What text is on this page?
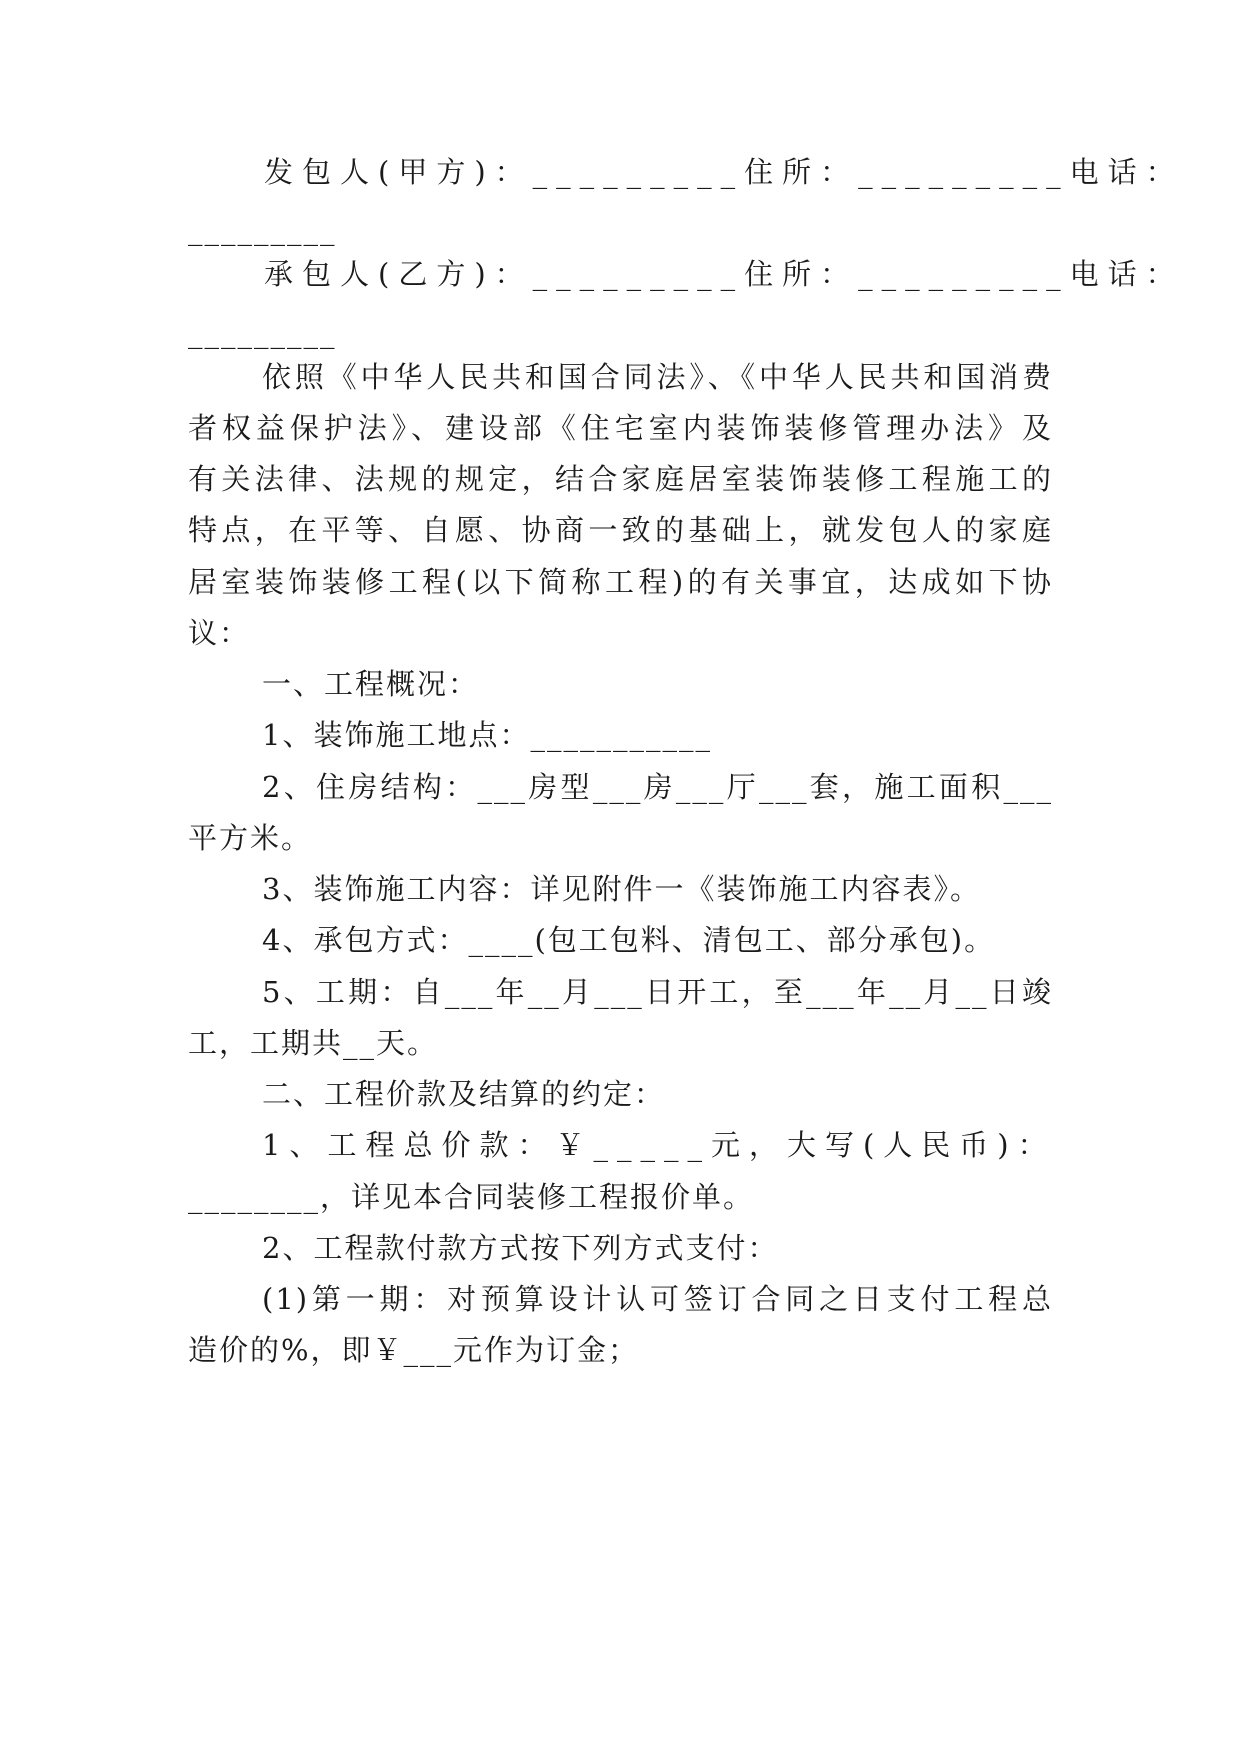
发包人(甲方)：_________住所：_________电话：
_________
承包人(乙方)：_________住所：_________电话：
_________
依照《中华人民共和国合同法》、《中华人民共和国消费
者权益保护法》、建设部《住宅室内装饰装修管理办法》及
有关法律、法规的规定，结合家庭居室装饰装修工程施工的
特点，在平等、自愿、协商一致的基础上，就发包人的家庭
居室装饰装修工程(以下简称工程)的有关事宜，达成如下协
议：
一、工程概况：
1、装饰施工地点：___________
2、住房结构：___房型___房___厅___套，施工面积___
平方米。
3、装饰施工内容：详见附件一《装饰施工内容表》。
4、承包方式：____(包工包料、清包工、部分承包)。
5、工期：自___年__月___日开工，至___年__月__日竣
工，工期共__天。
二、工程价款及结算的约定：
1、工程总价款：￥_____元，大写(人民币)：
________，详见本合同装修工程报价单。
2、工程款付款方式按下列方式支付：
(1)第一期：对预算设计认可签订合同之日支付工程总
造价的%，即￥___元作为订金；
